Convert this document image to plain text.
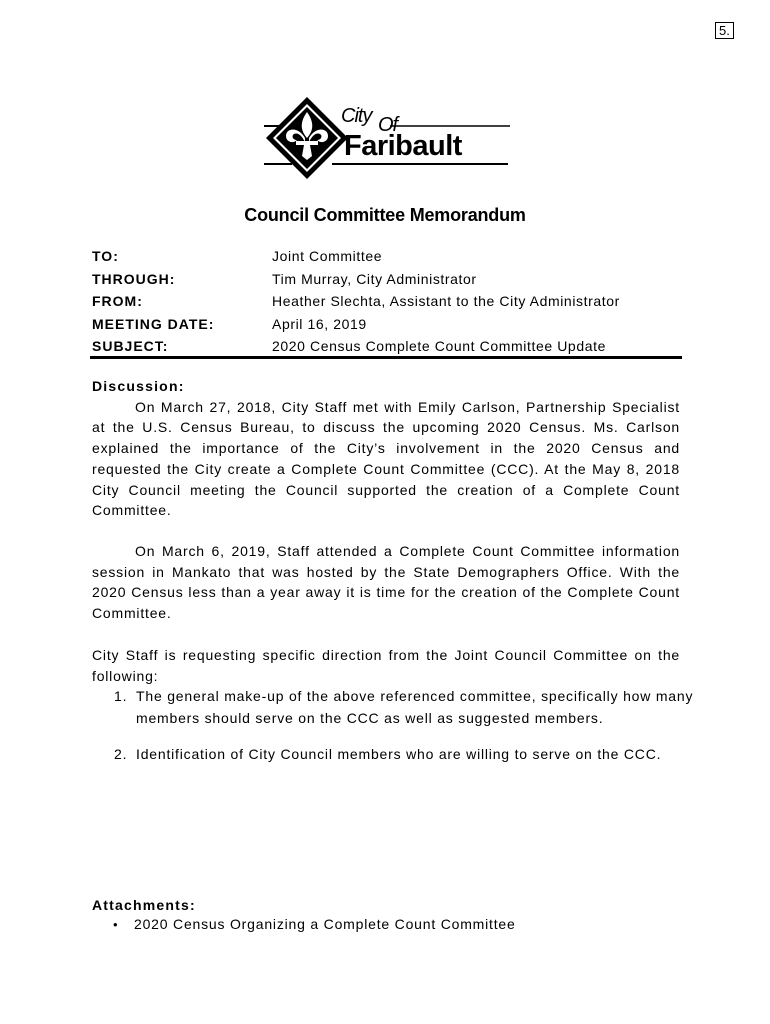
5.
City Of
Faribault
Council Committee Memorandum
TO:	Joint Committee
THROUGH:	Tim Murray, City Administrator
FROM:	Heather Slechta, Assistant to the City Administrator
MEETING DATE:	April 16, 2019
SUBJECT:	2020 Census Complete Count Committee Update
Discussion:

On March 27, 2018, City Staff met with Emily Carlson, Partnership Specialist at the U.S. Census Bureau, to discuss the upcoming 2020 Census. Ms. Carlson explained the importance of the City’s involvement in the 2020 Census and requested the City create a Complete Count Committee (CCC). At the May 8, 2018 City Council meeting the Council supported the creation of a Complete Count Committee.

On March 6, 2019, Staff attended a Complete Count Committee information session in Mankato that was hosted by the State Demographers Office. With the 2020 Census less than a year away it is time for the creation of the Complete Count Committee.

City Staff is requesting specific direction from the Joint Council Committee on the following:

1. The general make-up of the above referenced committee, specifically how many members should serve on the CCC as well as suggested members.
2. Identification of City Council members who are willing to serve on the CCC.
Attachments:
• 2020 Census Organizing a Complete Count Committee
